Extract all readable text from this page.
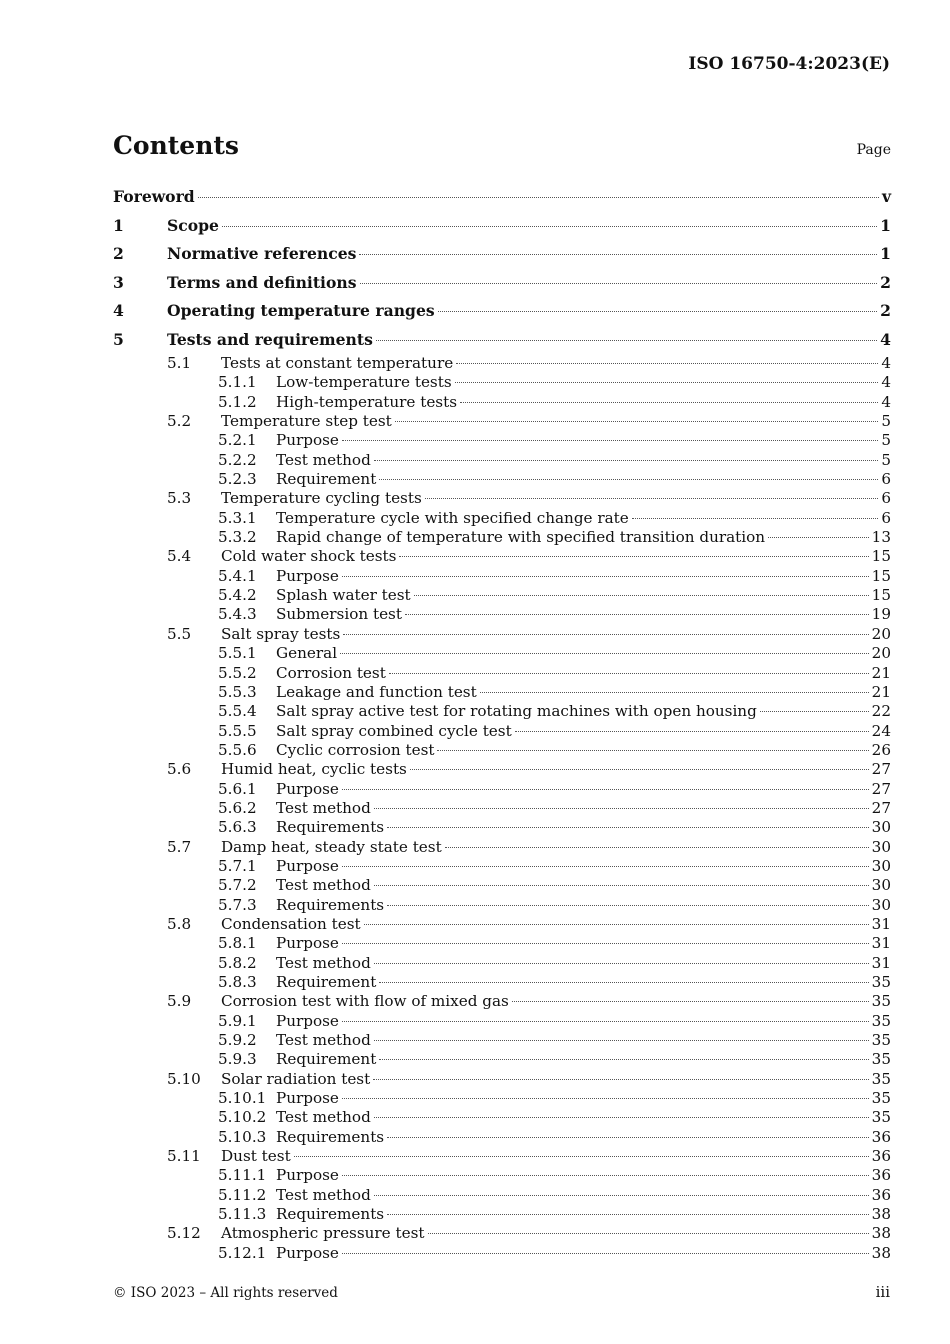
ISO 16750-4:2023(E)
Contents	Page
Foreword	v
1	Scope	1
2	Normative references	1
3	Terms and definitions	2
4	Operating temperature ranges	2
5	Tests and requirements	4
5.1	Tests at constant temperature	4
5.1.1	Low-temperature tests	4
5.1.2	High-temperature tests	4
5.2	Temperature step test	5
5.2.1	Purpose	5
5.2.2	Test method	5
5.2.3	Requirement	6
5.3	Temperature cycling tests	6
5.3.1	Temperature cycle with specified change rate	6
5.3.2	Rapid change of temperature with specified transition duration	13
5.4	Cold water shock tests	15
5.4.1	Purpose	15
5.4.2	Splash water test	15
5.4.3	Submersion test	19
5.5	Salt spray tests	20
5.5.1	General	20
5.5.2	Corrosion test	21
5.5.3	Leakage and function test	21
5.5.4	Salt spray active test for rotating machines with open housing	22
5.5.5	Salt spray combined cycle test	24
5.5.6	Cyclic corrosion test	26
5.6	Humid heat, cyclic tests	27
5.6.1	Purpose	27
5.6.2	Test method	27
5.6.3	Requirements	30
5.7	Damp heat, steady state test	30
5.7.1	Purpose	30
5.7.2	Test method	30
5.7.3	Requirements	30
5.8	Condensation test	31
5.8.1	Purpose	31
5.8.2	Test method	31
5.8.3	Requirement	35
5.9	Corrosion test with flow of mixed gas	35
5.9.1	Purpose	35
5.9.2	Test method	35
5.9.3	Requirement	35
5.10	Solar radiation test	35
5.10.1 Purpose	35
5.10.2 Test method	35
5.10.3 Requirements	36
5.11	Dust test	36
5.11.1 Purpose	36
5.11.2 Test method	36
5.11.3 Requirements	38
5.12	Atmospheric pressure test	38
5.12.1 Purpose	38
© ISO 2023 – All rights reserved	iii
